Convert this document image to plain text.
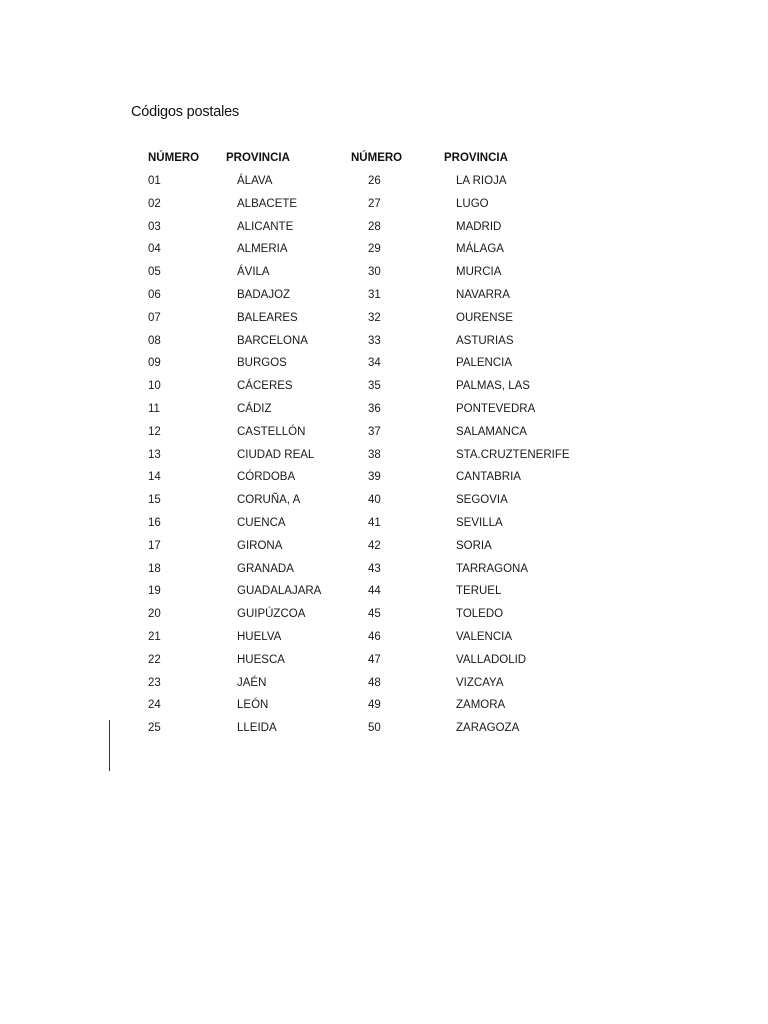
Códigos postales
NÚMERO PROVINCIA	NÚMERO	PROVINCIA
01	ÁLAVA	26	LA RIOJA
02	ALBACETE	27	LUGO
03	ALICANTE	28	MADRID
04	ALMERIA	29	MÁLAGA
05	ÁVILA	30	MURCIA
06	BADAJOZ	31	NAVARRA
07	BALEARES	32	OURENSE
08	BARCELONA	33	ASTURIAS
09	BURGOS	34	PALENCIA
10	CÁCERES	35	PALMAS, LAS
11	CÁDIZ	36	PONTEVEDRA
12	CASTELLÓN	37	SALAMANCA
13	CIUDAD REAL	38	STA.CRUZTENERIFE
14	CÓRDOBA	39	CANTABRIA
15	CORUÑA, A	40	SEGOVIA
16	CUENCA	41	SEVILLA
17	GIRONA	42	SORIA
18	GRANADA	43	TARRAGONA
19	GUADALAJARA	44	TERUEL
20	GUIPÚZCOA	45	TOLEDO
21	HUELVA	46	VALENCIA
22	HUESCA	47	VALLADOLID
23	JAÉN	48	VIZCAYA
24	LEÓN	49	ZAMORA
25	LLEIDA	50	ZARAGOZA
